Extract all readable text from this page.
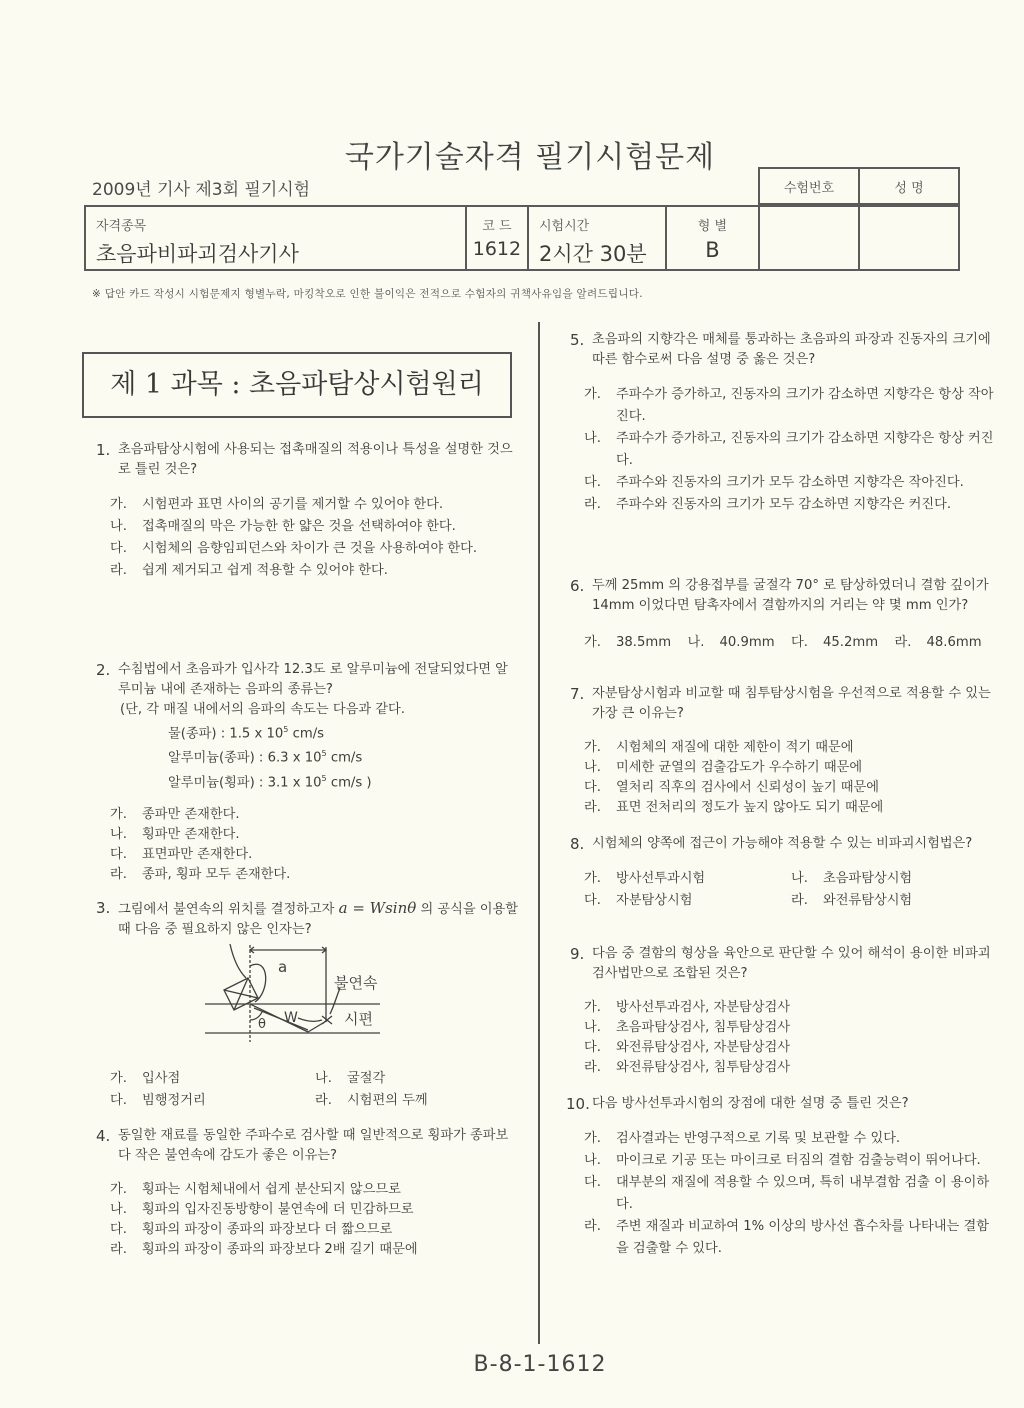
국가기술자격 필기시험문제
2009년 기사 제3회 필기시험	수험번호	성 명
자격종목
초음파비파괴검사기사

코 드
1612

시험시간
2시간 30분

형 별
B

※ 답안 카드 작성시 시험문제지 형별누락, 마킹착오로 인한 불이익은 전적으로 수험자의 귀책사유임을 알려드립니다.
제 1 과목 : 초음파탐상시험원리
1. 초음파탐상시험에 사용되는 접촉매질의 적용이나 특성을 설명한 것으로 틀린 것은?
가.	시험편과 표면 사이의 공기를 제거할 수 있어야 한다.
나.	접촉매질의 막은 가능한 한 얇은 것을 선택하여야 한다.
다.	시험체의 음향임피던스와 차이가 큰 것을 사용하여야 한다.
라.	쉽게 제거되고 쉽게 적용할 수 있어야 한다.
2. 수침법에서 초음파가 입사각 12.3도 로 알루미늄에 전달되었다면 알루미늄 내에 존재하는 음파의 종류는?
(단, 각 매질 내에서의 음파의 속도는 다음과 같다.
물(종파) : 1.5 x $10^5$ cm/s
알루미늄(종파) : 6.3 x $10^5$ cm/s
알루미늄(횡파) : 3.1 x $10^5$ cm/s )
가.	종파만 존재한다.
나.	횡파만 존재한다.
다.	표면파만 존재한다.
라.	종파, 횡파 모두 존재한다.
3. 그림에서 불연속의 위치를 결정하고자 a = Wsinθ 의 공식을 이용할 때 다음 중 필요하지 않은 인자는?
a
W
θ
불연속
시편
가.	입사점	나.	굴절각
다.	빔행정거리	라.	시험편의 두께
4. 동일한 재료를 동일한 주파수로 검사할 때 일반적으로 횡파가 종파보다 작은 불연속에 감도가 좋은 이유는?
가.	횡파는 시험체내에서 쉽게 분산되지 않으므로
나.	횡파의 입자진동방향이 불연속에 더 민감하므로
다.	횡파의 파장이 종파의 파장보다 더 짧으므로
라.	횡파의 파장이 종파의 파장보다 2배 길기 때문에
5. 초음파의 지향각은 매체를 통과하는 초음파의 파장과 진동자의 크기에 따른 함수로써 다음 설명 중 옳은 것은?
가.	주파수가 증가하고, 진동자의 크기가 감소하면 지향각은 항상 작아진다.
나.	주파수가 증가하고, 진동자의 크기가 감소하면 지향각은 항상 커진다.
다.	주파수와 진동자의 크기가 모두 감소하면 지향각은 작아진다.
라.	주파수와 진동자의 크기가 모두 감소하면 지향각은 커진다.
6. 두께 25mm 의 강용접부를 굴절각 70° 로 탐상하였더니 결함 깊이가 14mm 이었다면 탐촉자에서 결함까지의 거리는 약 몇 mm 인가?
가.	38.5mm	나.	40.9mm	다.	45.2mm	라.	48.6mm
7. 자분탐상시험과 비교할 때 침투탐상시험을 우선적으로 적용할 수 있는 가장 큰 이유는?
가.	시험체의 재질에 대한 제한이 적기 때문에
나.	미세한 균열의 검출감도가 우수하기 때문에
다.	열처리 직후의 검사에서 신뢰성이 높기 때문에
라.	표면 전처리의 정도가 높지 않아도 되기 때문에
8. 시험체의 양쪽에 접근이 가능해야 적용할 수 있는 비파괴시험법은?
가.	방사선투과시험	나.	초음파탐상시험
다.	자분탐상시험	라.	와전류탐상시험
9. 다음 중 결함의 형상을 육안으로 판단할 수 있어 해석이 용이한 비파괴검사법만으로 조합된 것은?
가.	방사선투과검사, 자분탐상검사
나.	초음파탐상검사, 침투탐상검사
다.	와전류탐상검사, 자분탐상검사
라.	와전류탐상검사, 침투탐상검사
10. 다음 방사선투과시험의 장점에 대한 설명 중 틀린 것은?
가.	검사결과는 반영구적으로 기록 및 보관할 수 있다.
나.	마이크로 기공 또는 마이크로 터짐의 결함 검출능력이 뛰어나다.
다.	대부분의 재질에 적용할 수 있으며, 특히 내부결함 검출 이 용이하다.
라.	주변 재질과 비교하여 1% 이상의 방사선 흡수차를 나타내는 결함을 검출할 수 있다.
B-8-1-1612
